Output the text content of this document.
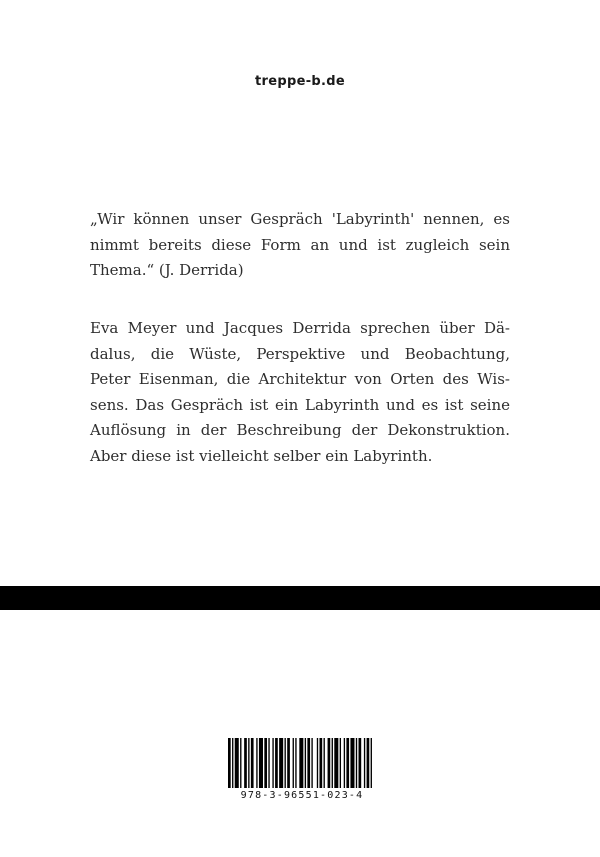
treppe-b.de
„Wir können unser Gespräch 'Labyrinth' nennen, es
nimmt bereits diese Form an und ist zugleich sein
Thema.“ (J. Derrida)
Eva Meyer und Jacques Derrida sprechen über Dä-
dalus, die Wüste, Perspektive und Beobachtung,
Peter Eisenman, die Architektur von Orten des Wis-
sens. Das Gespräch ist ein Labyrinth und es ist seine
Auflösung in der Beschreibung der Dekonstruktion.
Aber diese ist vielleicht selber ein Labyrinth.
978-3-96551-023-4
